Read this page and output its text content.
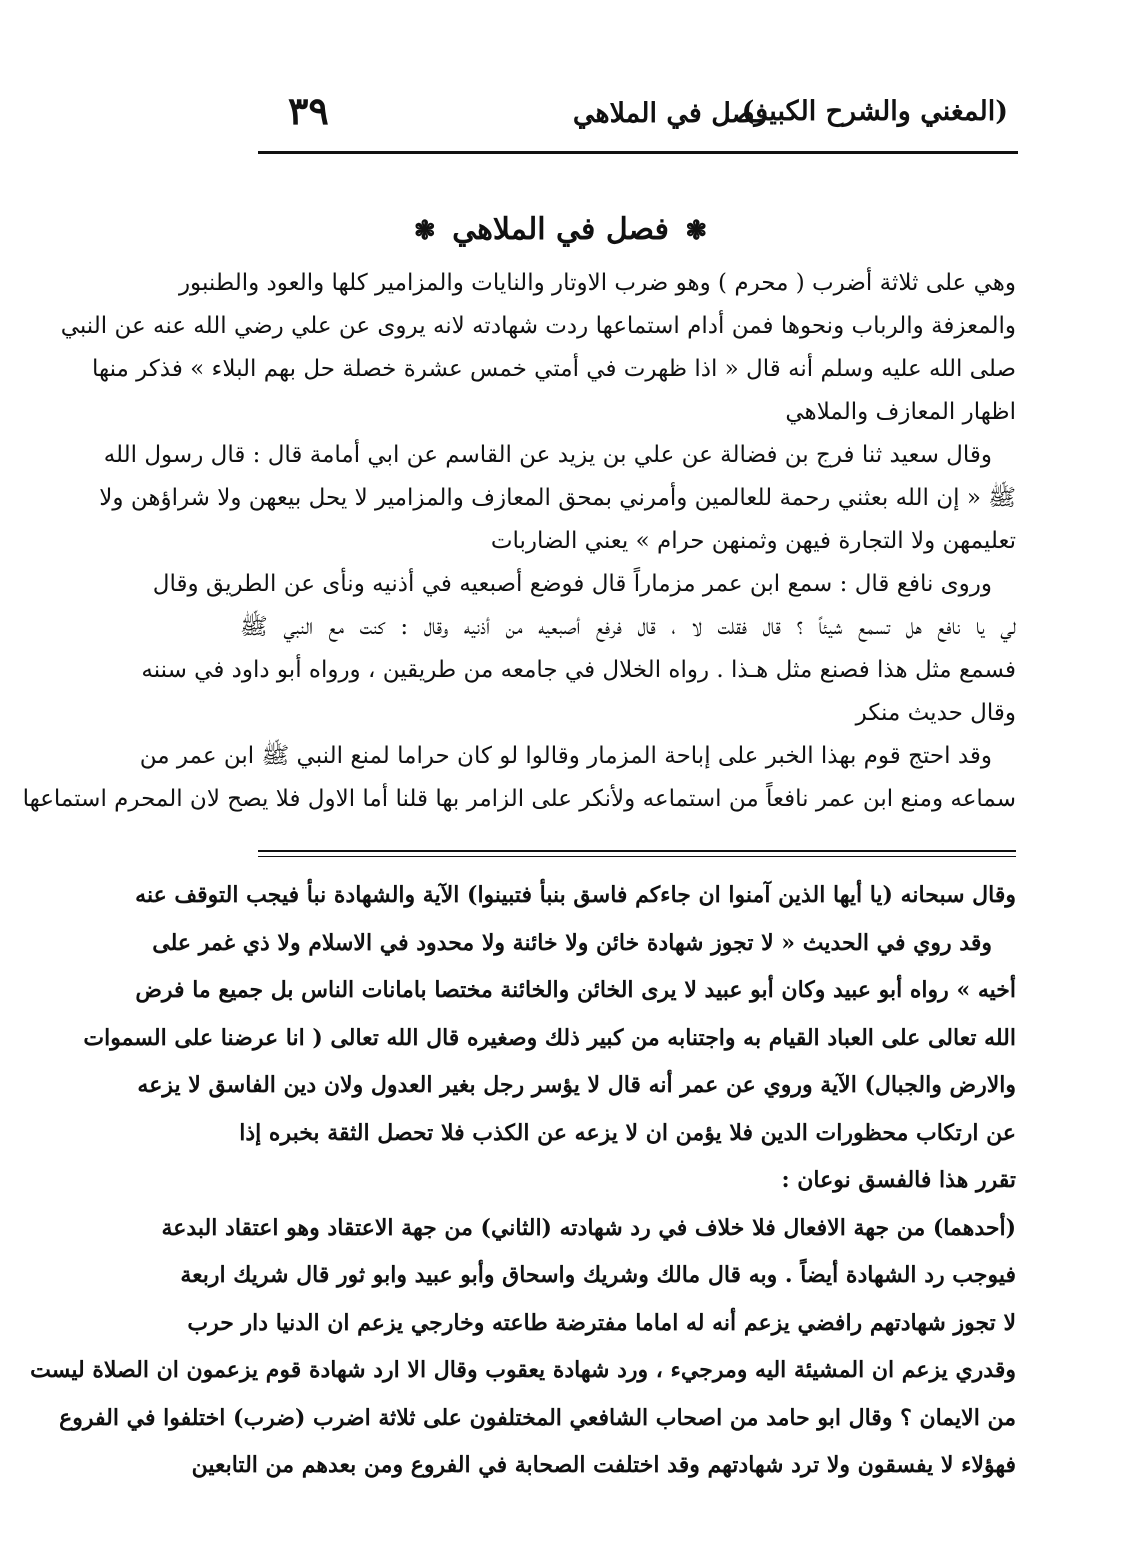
(المغني والشرح الكبير)
فصل في الملاهي
٣٩
❃ فصل في الملاهي ❃
وهي على ثلاثة أضرب ( محرم ) وهو ضرب الاوتار والنايات والمزامير كلها والعود والطنبور
والمعزفة والرباب ونحوها فمن أدام استماعها ردت شهادته لانه يروى عن علي رضي الله عنه عن النبي
صلى الله عليه وسلم أنه قال « اذا ظهرت في أمتي خمس عشرة خصلة حل بهم البلاء » فذكر منها
اظهار المعازف والملاهي
وقال سعيد ثنا فرج بن فضالة عن علي بن يزيد عن القاسم عن ابي أمامة قال : قال رسول الله
ﷺ « إن الله بعثني رحمة للعالمين وأمرني بمحق المعازف والمزامير لا يحل بيعهن ولا شراؤهن ولا
تعليمهن ولا التجارة فيهن وثمنهن حرام » يعني الضاربات
وروى نافع قال : سمع ابن عمر مزماراً قال فوضع أصبعيه في أذنيه ونأى عن الطريق وقال
لي يا نافع هل تسمع شيئاً ؟ قال فقلت لا ، قال فرفع أصبعيه من أذنيه وقال : كنت مع النبي ﷺ
فسمع مثل هذا فصنع مثل هـذا . رواه الخلال في جامعه من طريقين ، ورواه أبو داود في سننه
وقال حديث منكر
وقد احتج قوم بهذا الخبر على إباحة المزمار وقالوا لو كان حراما لمنع النبي ﷺ ابن عمر من
سماعه ومنع ابن عمر نافعاً من استماعه ولأنكر على الزامر بها قلنا أما الاول فلا يصح لان المحرم استماعها
وقال سبحانه (يا أيها الذين آمنوا ان جاءكم فاسق بنبأ فتبينوا) الآية والشهادة نبأ فيجب التوقف عنه
وقد روي في الحديث « لا تجوز شهادة خائن ولا خائنة ولا محدود في الاسلام ولا ذي غمر على
أخيه » رواه أبو عبيد وكان أبو عبيد لا يرى الخائن والخائنة مختصا بامانات الناس بل جميع ما فرض
الله تعالى على العباد القيام به واجتنابه من كبير ذلك وصغيره قال الله تعالى ( انا عرضنا على السموات
والارض والجبال) الآية وروي عن عمر أنه قال لا يؤسر رجل بغير العدول ولان دين الفاسق لا يزعه
عن ارتكاب محظورات الدين فلا يؤمن ان لا يزعه عن الكذب فلا تحصل الثقة بخبره إذا
تقرر هذا فالفسق نوعان :
(أحدهما) من جهة الافعال فلا خلاف في رد شهادته (الثاني) من جهة الاعتقاد وهو اعتقاد البدعة
فيوجب رد الشهادة أيضاً . وبه قال مالك وشريك واسحاق وأبو عبيد وابو ثور قال شريك اربعة
لا تجوز شهادتهم رافضي يزعم أنه له اماما مفترضة طاعته وخارجي يزعم ان الدنيا دار حرب
وقدري يزعم ان المشيئة اليه ومرجيء ، ورد شهادة يعقوب وقال الا ارد شهادة قوم يزعمون ان الصلاة ليست
من الايمان ؟ وقال ابو حامد من اصحاب الشافعي المختلفون على ثلاثة اضرب (ضرب) اختلفوا في الفروع
فهؤلاء لا يفسقون ولا ترد شهادتهم وقد اختلفت الصحابة في الفروع ومن بعدهم من التابعين
